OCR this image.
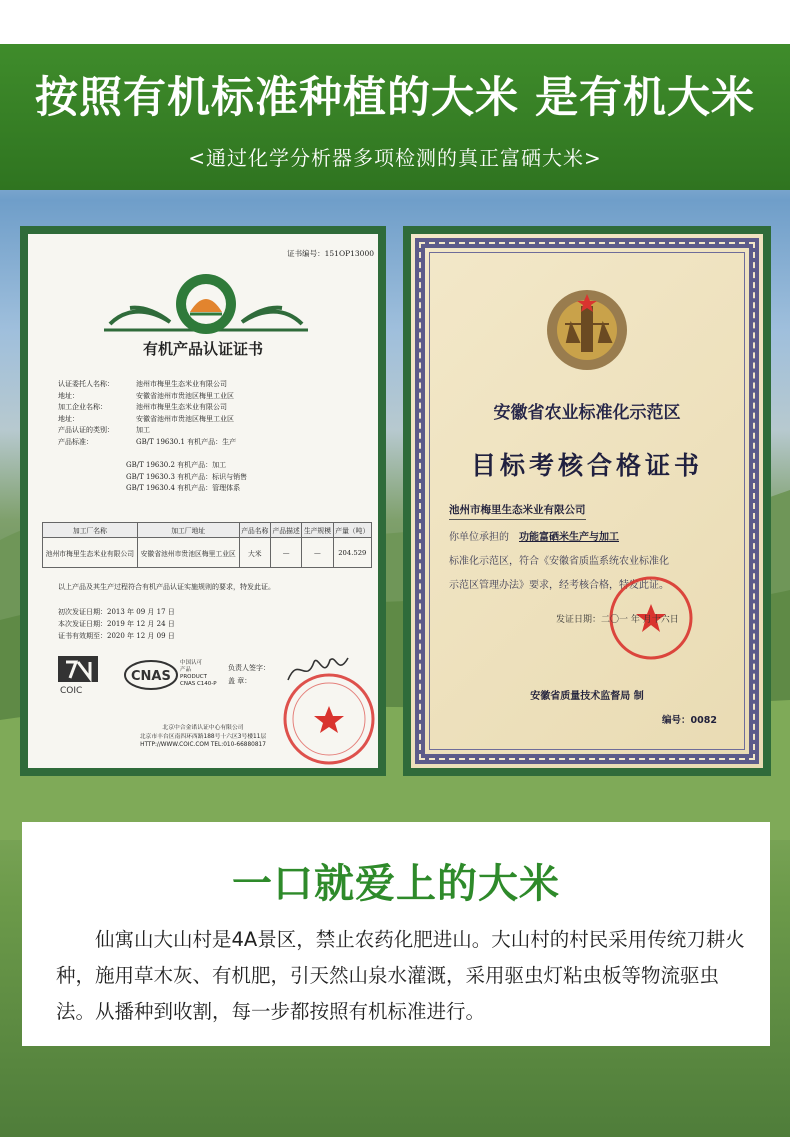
按照有机标准种植的大米 是有机大米
<通过化学分析器多项检测的真正富硒大米>
证书编号：151OP13000
有机产品认证证书
认证委托人名称：	池州市梅里生态米业有限公司
地址：	安徽省池州市贵池区梅里工业区
加工企业名称：	池州市梅里生态米业有限公司
地址：	安徽省池州市贵池区梅里工业区
产品认证的类别：	加工
产品标准：	GB/T 19630.1 有机产品：生产
GB/T 19630.2 有机产品：加工
GB/T 19630.3 有机产品：标识与销售
GB/T 19630.4 有机产品：管理体系
加工厂名称	加工厂地址	产品名称	产品描述	生产规模	产量（吨）
池州市梅里生态米业有限公司	安徽省池州市贵池区梅里工业区	大米	—	—	204.529
以上产品及其生产过程符合有机产品认证实施规则的要求，特发此证。
初次发证日期：2013 年 09 月 17 日
本次发证日期：2019 年 12 月 24 日
证书有效期至：2020 年 12 月 09 日
COIC
CNAS
中国认可
产品
PRODUCT
CNAS C140-P
负责人签字：
盖 章：
北京中合金诺认证中心有限公司
北京市丰台区南四环西路188号十六区3号楼11层
HTTP://WWW.COIC.COM TEL:010-66880817
安徽省农业标准化示范区
目标考核合格证书
池州市梅里生态米业有限公司
你单位承担的　 功能富硒米生产与加工
标准化示范区，符合《安徽省质监系统农业标准化
示范区管理办法》要求，经考核合格，特发此证。
发证日期：二〇一 年 月十六日
安徽省质量技术监督局 制
编号：0082
一口就爱上的大米
仙寓山大山村是4A景区，禁止农药化肥进山。大山村的村民采用传统刀耕火种，施用草木灰、有机肥，引天然山泉水灌溉，采用驱虫灯粘虫板等物流驱虫法。从播种到收割，每一步都按照有机标准进行。
